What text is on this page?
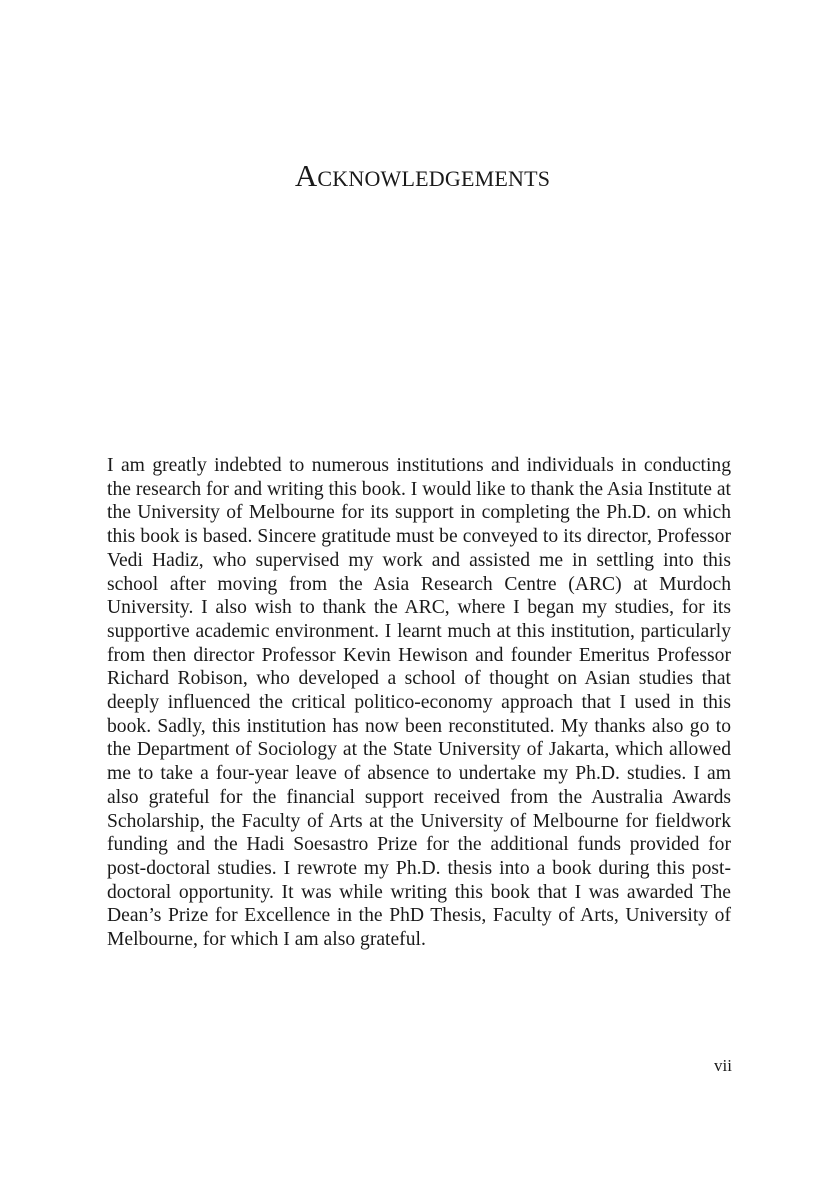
Acknowledgements

I am greatly indebted to numerous institutions and individuals in conducting the research for and writing this book. I would like to thank the Asia Institute at the University of Melbourne for its support in completing the Ph.D. on which this book is based. Sincere gratitude must be conveyed to its director, Professor Vedi Hadiz, who supervised my work and assisted me in settling into this school after moving from the Asia Research Centre (ARC) at Murdoch University. I also wish to thank the ARC, where I began my studies, for its supportive academic environment. I learnt much at this institution, particularly from then director Professor Kevin Hewison and founder Emeritus Professor Richard Robison, who developed a school of thought on Asian studies that deeply influenced the critical politico-economy approach that I used in this book. Sadly, this institution has now been reconstituted. My thanks also go to the Department of Sociology at the State University of Jakarta, which allowed me to take a four-year leave of absence to undertake my Ph.D. studies. I am also grateful for the financial support received from the Australia Awards Scholarship, the Faculty of Arts at the University of Melbourne for fieldwork funding and the Hadi Soesastro Prize for the additional funds provided for post-doctoral studies. I rewrote my Ph.D. thesis into a book during this post-doctoral opportunity. It was while writing this book that I was awarded The Dean’s Prize for Excellence in the PhD Thesis, Faculty of Arts, University of Melbourne, for which I am also grateful.

vii
